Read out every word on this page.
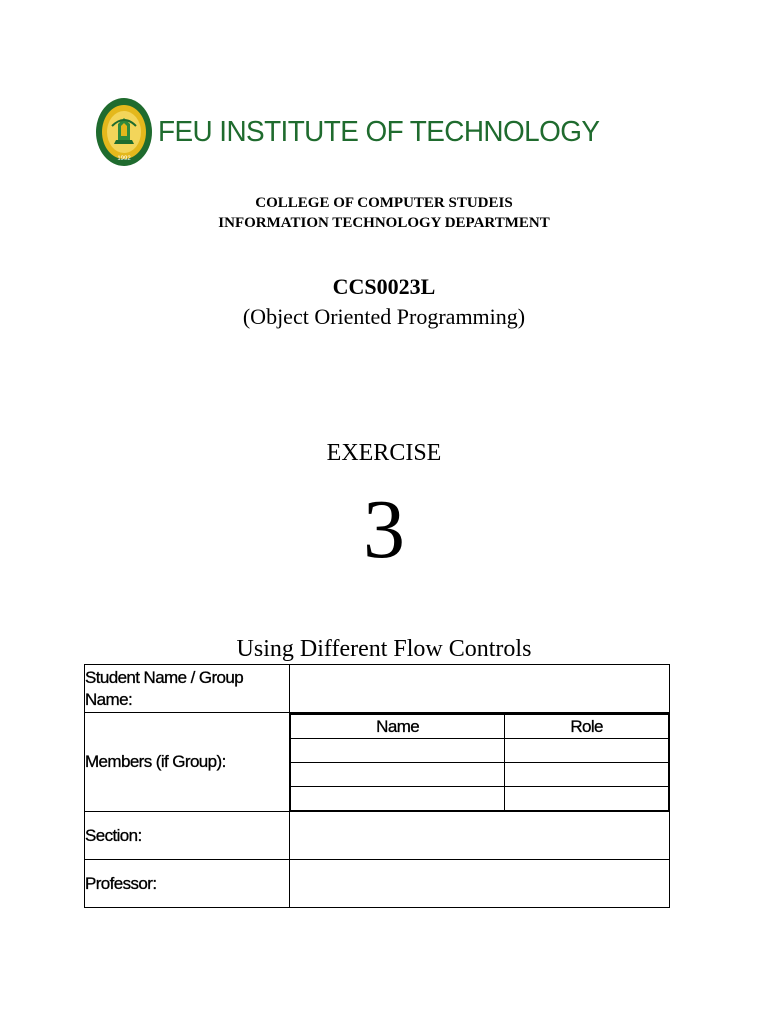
1992
FEU INSTITUTE OF TECHNOLOGY
COLLEGE OF COMPUTER STUDEIS
INFORMATION TECHNOLOGY DEPARTMENT
CCS0023L
(Object Oriented Programming)
EXERCISE
3
Using Different Flow Controls
Student Name / Group
Name:

Members (if Group):	
Name	Role

Section:	
Professor:	
